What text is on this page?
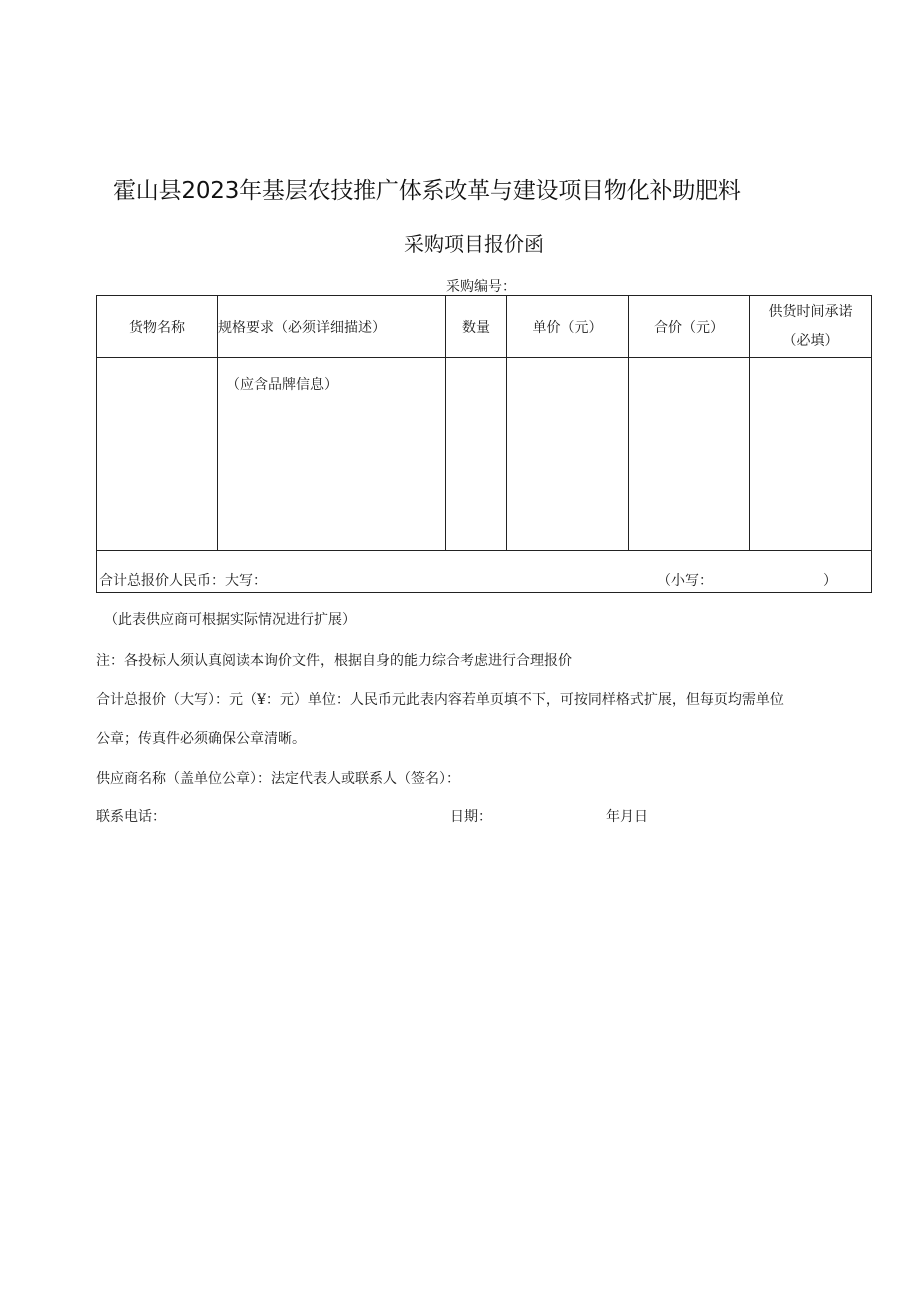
霍山县2023年基层农技推广体系改革与建设项目物化补助肥料
采购项目报价函
采购编号：
货物名称	规格要求（必须详细描述）	数量	单价（元）	合价（元）	供货时间承诺
（必填）

	（应含品牌信息）				

合计总报价人民币：大写： （小写： ）					
（此表供应商可根据实际情况进行扩展）
注：各投标人须认真阅读本询价文件，根据自身的能力综合考虑进行合理报价
合计总报价（大写）：元（¥：元）单位：人民币元此表内容若单页填不下，可按同样格式扩展，但每页均需单位
公章；传真件必须确保公章清晰。
供应商名称（盖单位公章）：法定代表人或联系人（签名）：
联系电话：	日期：	年月日
